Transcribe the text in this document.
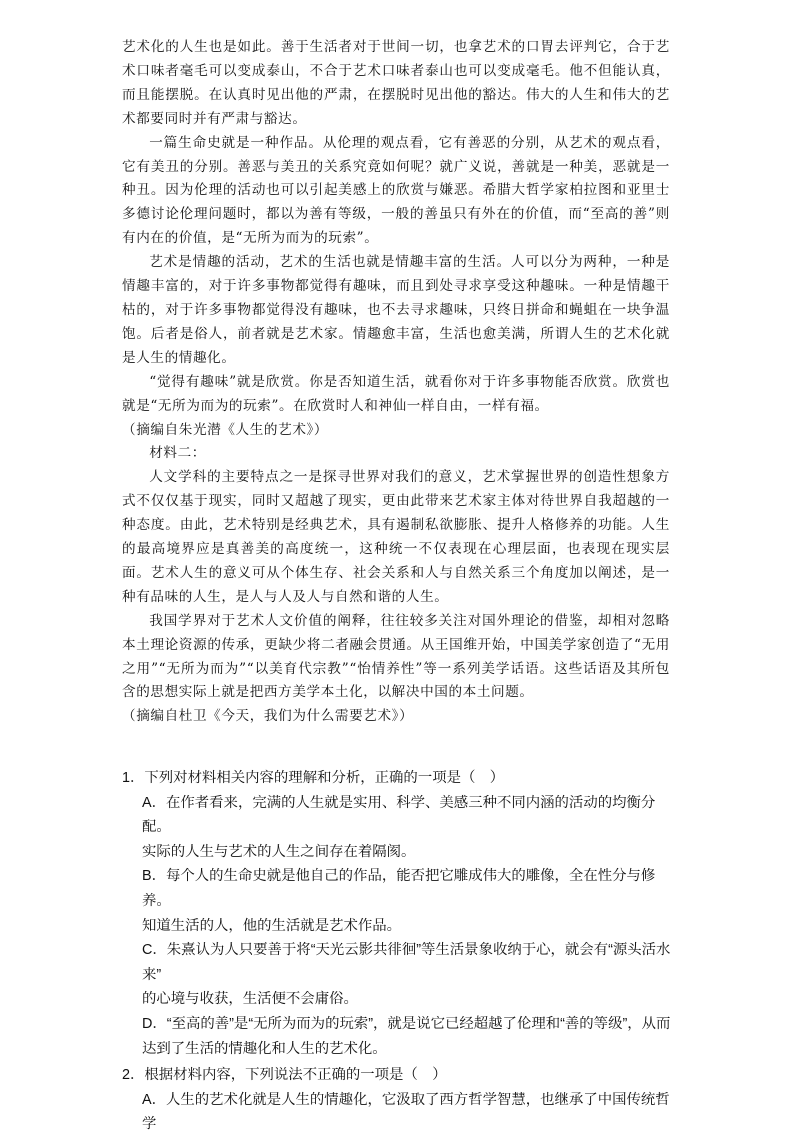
艺术化的人生也是如此。善于生活者对于世间一切，也拿艺术的口胃去评判它，合于艺术口味者毫毛可以变成泰山，不合于艺术口味者泰山也可以变成毫毛。他不但能认真，而且能摆脱。在认真时见出他的严肃，在摆脱时见出他的豁达。伟大的人生和伟大的艺术都要同时并有严肃与豁达。

一篇生命史就是一种作品。从伦理的观点看，它有善恶的分别，从艺术的观点看，它有美丑的分别。善恶与美丑的关系究竟如何呢？就广义说，善就是一种美，恶就是一种丑。因为伦理的活动也可以引起美感上的欣赏与嫌恶。希腊大哲学家柏拉图和亚里士多德讨论伦理问题时，都以为善有等级，一般的善虽只有外在的价值，而“至高的善”则有内在的价值，是“无所为而为的玩索”。

艺术是情趣的活动，艺术的生活也就是情趣丰富的生活。人可以分为两种，一种是情趣丰富的，对于许多事物都觉得有趣味，而且到处寻求享受这种趣味。一种是情趣干枯的，对于许多事物都觉得没有趣味，也不去寻求趣味，只终日拼命和蝇蛆在一块争温饱。后者是俗人，前者就是艺术家。情趣愈丰富，生活也愈美满，所谓人生的艺术化就是人生的情趣化。

“觉得有趣味”就是欣赏。你是否知道生活，就看你对于许多事物能否欣赏。欣赏也就是“无所为而为的玩索”。在欣赏时人和神仙一样自由，一样有福。

（摘编自朱光潜《人生的艺术》）

材料二：

人文学科的主要特点之一是探寻世界对我们的意义，艺术掌握世界的创造性想象方式不仅仅基于现实，同时又超越了现实，更由此带来艺术家主体对待世界自我超越的一种态度。由此，艺术特别是经典艺术，具有遏制私欲膨胀、提升人格修养的功能。人生的最高境界应是真善美的高度统一，这种统一不仅表现在心理层面，也表现在现实层面。艺术人生的意义可从个体生存、社会关系和人与自然关系三个角度加以阐述，是一种有品味的人生，是人与人及人与自然和谐的人生。

我国学界对于艺术人文价值的阐释，往往较多关注对国外理论的借鉴，却相对忽略本土理论资源的传承，更缺少将二者融会贯通。从王国维开始，中国美学家创造了“无用之用”“无所为而为”“以美育代宗教”“怡情养性”等一系列美学话语。这些话语及其所包含的思想实际上就是把西方美学本土化，以解决中国的本土问题。

（摘编自杜卫《今天，我们为什么需要艺术》）

1．下列对材料相关内容的理解和分析，正确的一项是（　）

A．在作者看来，完满的人生就是实用、科学、美感三种不同内涵的活动的均衡分配。
实际的人生与艺术的人生之间存在着隔阂。

B．每个人的生命史就是他自己的作品，能否把它雕成伟大的雕像，全在性分与修养。
知道生活的人，他的生活就是艺术作品。

C．朱熹认为人只要善于将“天光云影共徘徊”等生活景象收纳于心，就会有“源头活水来”
的心境与收获，生活便不会庸俗。

D．“至高的善”是“无所为而为的玩索”，就是说它已经超越了伦理和“善的等级”，从而
达到了生活的情趣化和人生的艺术化。

2．根据材料内容，下列说法不正确的一项是（　）

A．人生的艺术化就是人生的情趣化，它汲取了西方哲学智慧，也继承了中国传统哲学
